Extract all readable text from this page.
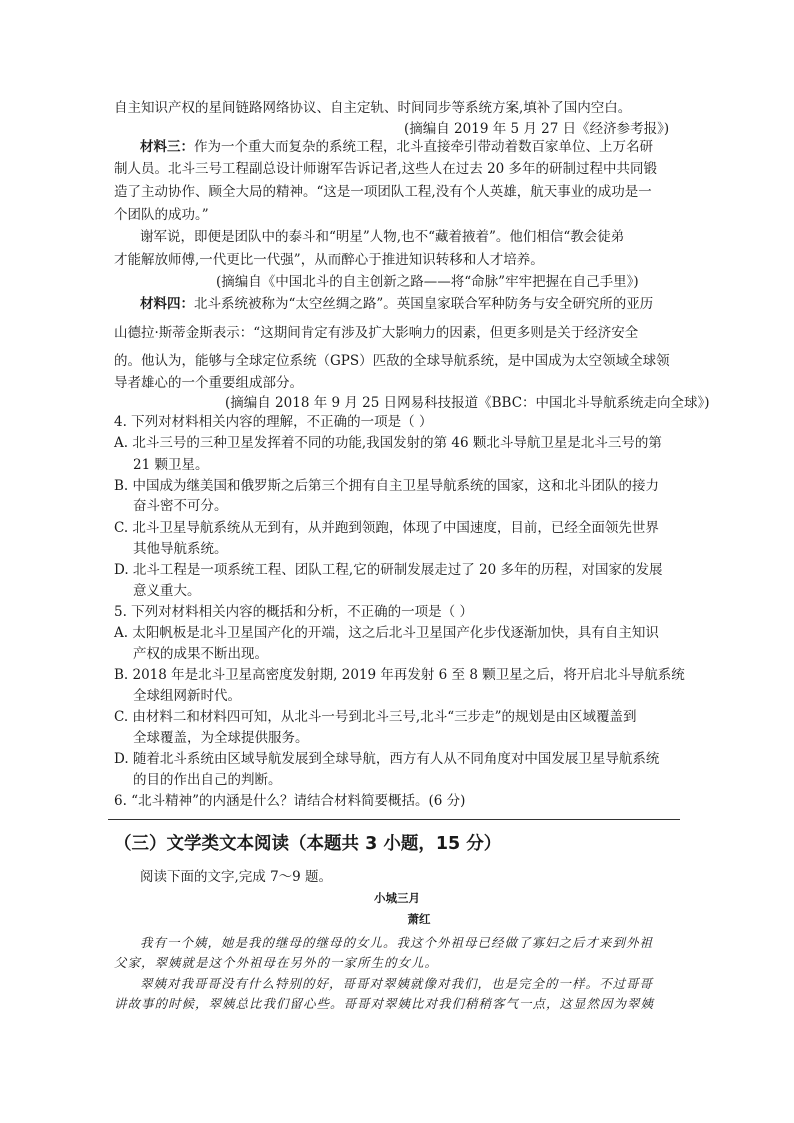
自主知识产权的星间链路网络协议、自主定轨、时间同步等系统方案,填补了国内空白。
(摘编自 2019 年 5 月 27 日《经济参考报》)
材料三：作为一个重大而复杂的系统工程，北斗直接牵引带动着数百家单位、上万名研
制人员。北斗三号工程副总设计师谢军告诉记者,这些人在过去 20 多年的研制过程中共同锻
造了主动协作、顾全大局的精神。“这是一项团队工程,没有个人英雄，航天事业的成功是一
个团队的成功。”
谢军说，即便是团队中的泰斗和“明星”人物,也不“藏着掖着”。他们相信“教会徒弟
才能解放师傅,一代更比一代强”，从而醉心于推进知识转移和人才培养。
(摘编自《中国北斗的自主创新之路——将“命脉”牢牢把握在自己手里》)
材料四：北斗系统被称为“太空丝绸之路”。英国皇家联合军种防务与安全研究所的亚历
山德拉·斯蒂金斯表示：“这期间肯定有涉及扩大影响力的因素，但更多则是关于经济安全
的。他认为，能够与全球定位系统（GPS）匹敌的全球导航系统，是中国成为太空领域全球领
导者雄心的一个重要组成部分。
(摘编自 2018 年 9 月 25 日网易科技报道《BBC：中国北斗导航系统走向全球》)
4. 下列对材料相关内容的理解，不正确的一项是（ ）
A. 北斗三号的三种卫星发挥着不同的功能,我国发射的第 46 颗北斗导航卫星是北斗三号的第
21 颗卫星。
B. 中国成为继美国和俄罗斯之后第三个拥有自主卫星导航系统的国家，这和北斗团队的接力
奋斗密不可分。
C. 北斗卫星导航系统从无到有，从并跑到领跑，体现了中国速度，目前，已经全面领先世界
其他导航系统。
D. 北斗工程是一项系统工程、团队工程,它的研制发展走过了 20 多年的历程，对国家的发展
意义重大。
5. 下列对材料相关内容的概括和分析，不正确的一项是（ ）
A. 太阳帆板是北斗卫星国产化的开端，这之后北斗卫星国产化步伐逐渐加快，具有自主知识
产权的成果不断出现。
B. 2018 年是北斗卫星高密度发射期, 2019 年再发射 6 至 8 颗卫星之后，将开启北斗导航系统
全球组网新时代。
C. 由材料二和材料四可知，从北斗一号到北斗三号,北斗“三步走”的规划是由区域覆盖到
全球覆盖，为全球提供服务。
D. 随着北斗系统由区域导航发展到全球导航，西方有人从不同角度对中国发展卫星导航系统
的目的作出自己的判断。
6. “北斗精神”的内涵是什么？请结合材料简要概括。(6 分)
（三）文学类文本阅读（本题共 3 小题，15 分）
阅读下面的文字,完成 7～9 题。
小城三月
萧红
我有一个姨，她是我的继母的继母的女儿。我这个外祖母已经做了寡妇之后才来到外祖
父家，翠姨就是这个外祖母在另外的一家所生的女儿。
翠姨对我哥哥没有什么特别的好，哥哥对翠姨就像对我们，也是完全的一样。不过哥哥
讲故事的时候，翠姨总比我们留心些。哥哥对翠姨比对我们稍稍客气一点，这显然因为翠姨
